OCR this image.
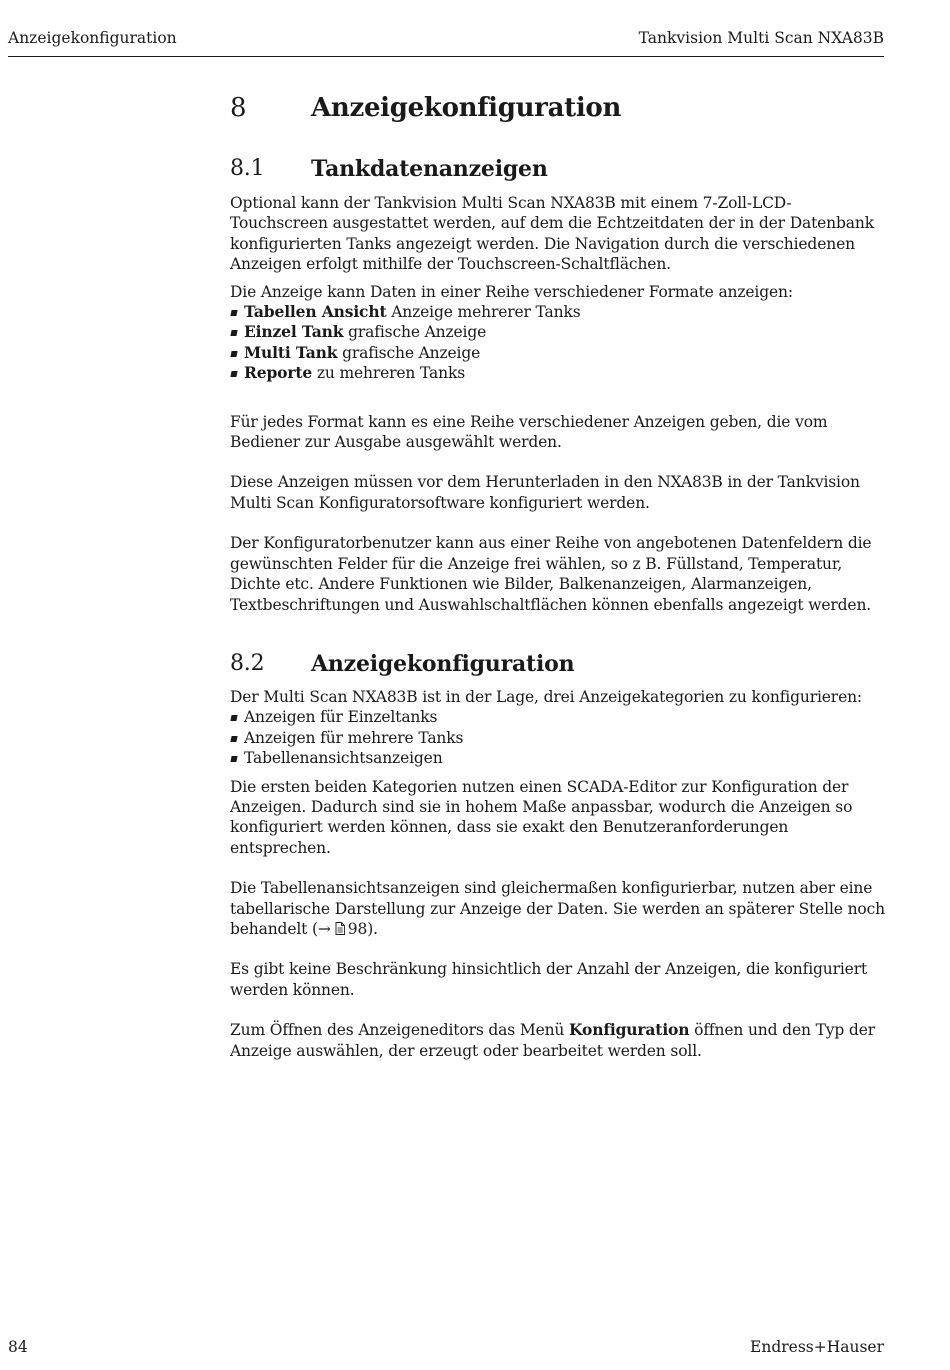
Anzeigekonfiguration	Tankvision Multi Scan NXA83B
8	Anzeigekonfiguration
8.1	Tankdatenanzeigen

Optional kann der Tankvision Multi Scan NXA83B mit einem 7-Zoll-LCD-Touchscreen ausgestattet werden, auf dem die Echtzeitdaten der in der Datenbank konfigurierten Tanks angezeigt werden. Die Navigation durch die verschiedenen Anzeigen erfolgt mithilfe der Touchscreen-Schaltflächen.

Die Anzeige kann Daten in einer Reihe verschiedener Formate anzeigen:

Tabellen Ansicht Anzeige mehrerer Tanks
Einzel Tank grafische Anzeige
Multi Tank grafische Anzeige
Reporte zu mehreren Tanks

Für jedes Format kann es eine Reihe verschiedener Anzeigen geben, die vom Bediener zur Ausgabe ausgewählt werden.

Diese Anzeigen müssen vor dem Herunterladen in den NXA83B in der Tankvision Multi Scan Konfiguratorsoftware konfiguriert werden.

Der Konfiguratorbenutzer kann aus einer Reihe von angebotenen Datenfeldern die gewünschten Felder für die Anzeige frei wählen, so z B. Füllstand, Temperatur, Dichte etc. Andere Funktionen wie Bilder, Balkenanzeigen, Alarmanzeigen, Textbeschriftungen und Auswahlschaltflächen können ebenfalls angezeigt werden.

8.2	Anzeigekonfiguration

Der Multi Scan NXA83B ist in der Lage, drei Anzeigekategorien zu konfigurieren:

Anzeigen für Einzeltanks
Anzeigen für mehrere Tanks
Tabellenansichtsanzeigen

Die ersten beiden Kategorien nutzen einen SCADA-Editor zur Konfiguration der Anzeigen. Dadurch sind sie in hohem Maße anpassbar, wodurch die Anzeigen so konfiguriert werden können, dass sie exakt den Benutzeranforderungen entsprechen.

Die Tabellenansichtsanzeigen sind gleichermaßen konfigurierbar, nutzen aber eine tabellarische Darstellung zur Anzeige der Daten. Sie werden an späterer Stelle noch behandelt (→ 98).

Es gibt keine Beschränkung hinsichtlich der Anzahl der Anzeigen, die konfiguriert werden können.

Zum Öffnen des Anzeigeneditors das Menü Konfiguration öffnen und den Typ der Anzeige auswählen, der erzeugt oder bearbeitet werden soll.

84	Endress+Hauser
